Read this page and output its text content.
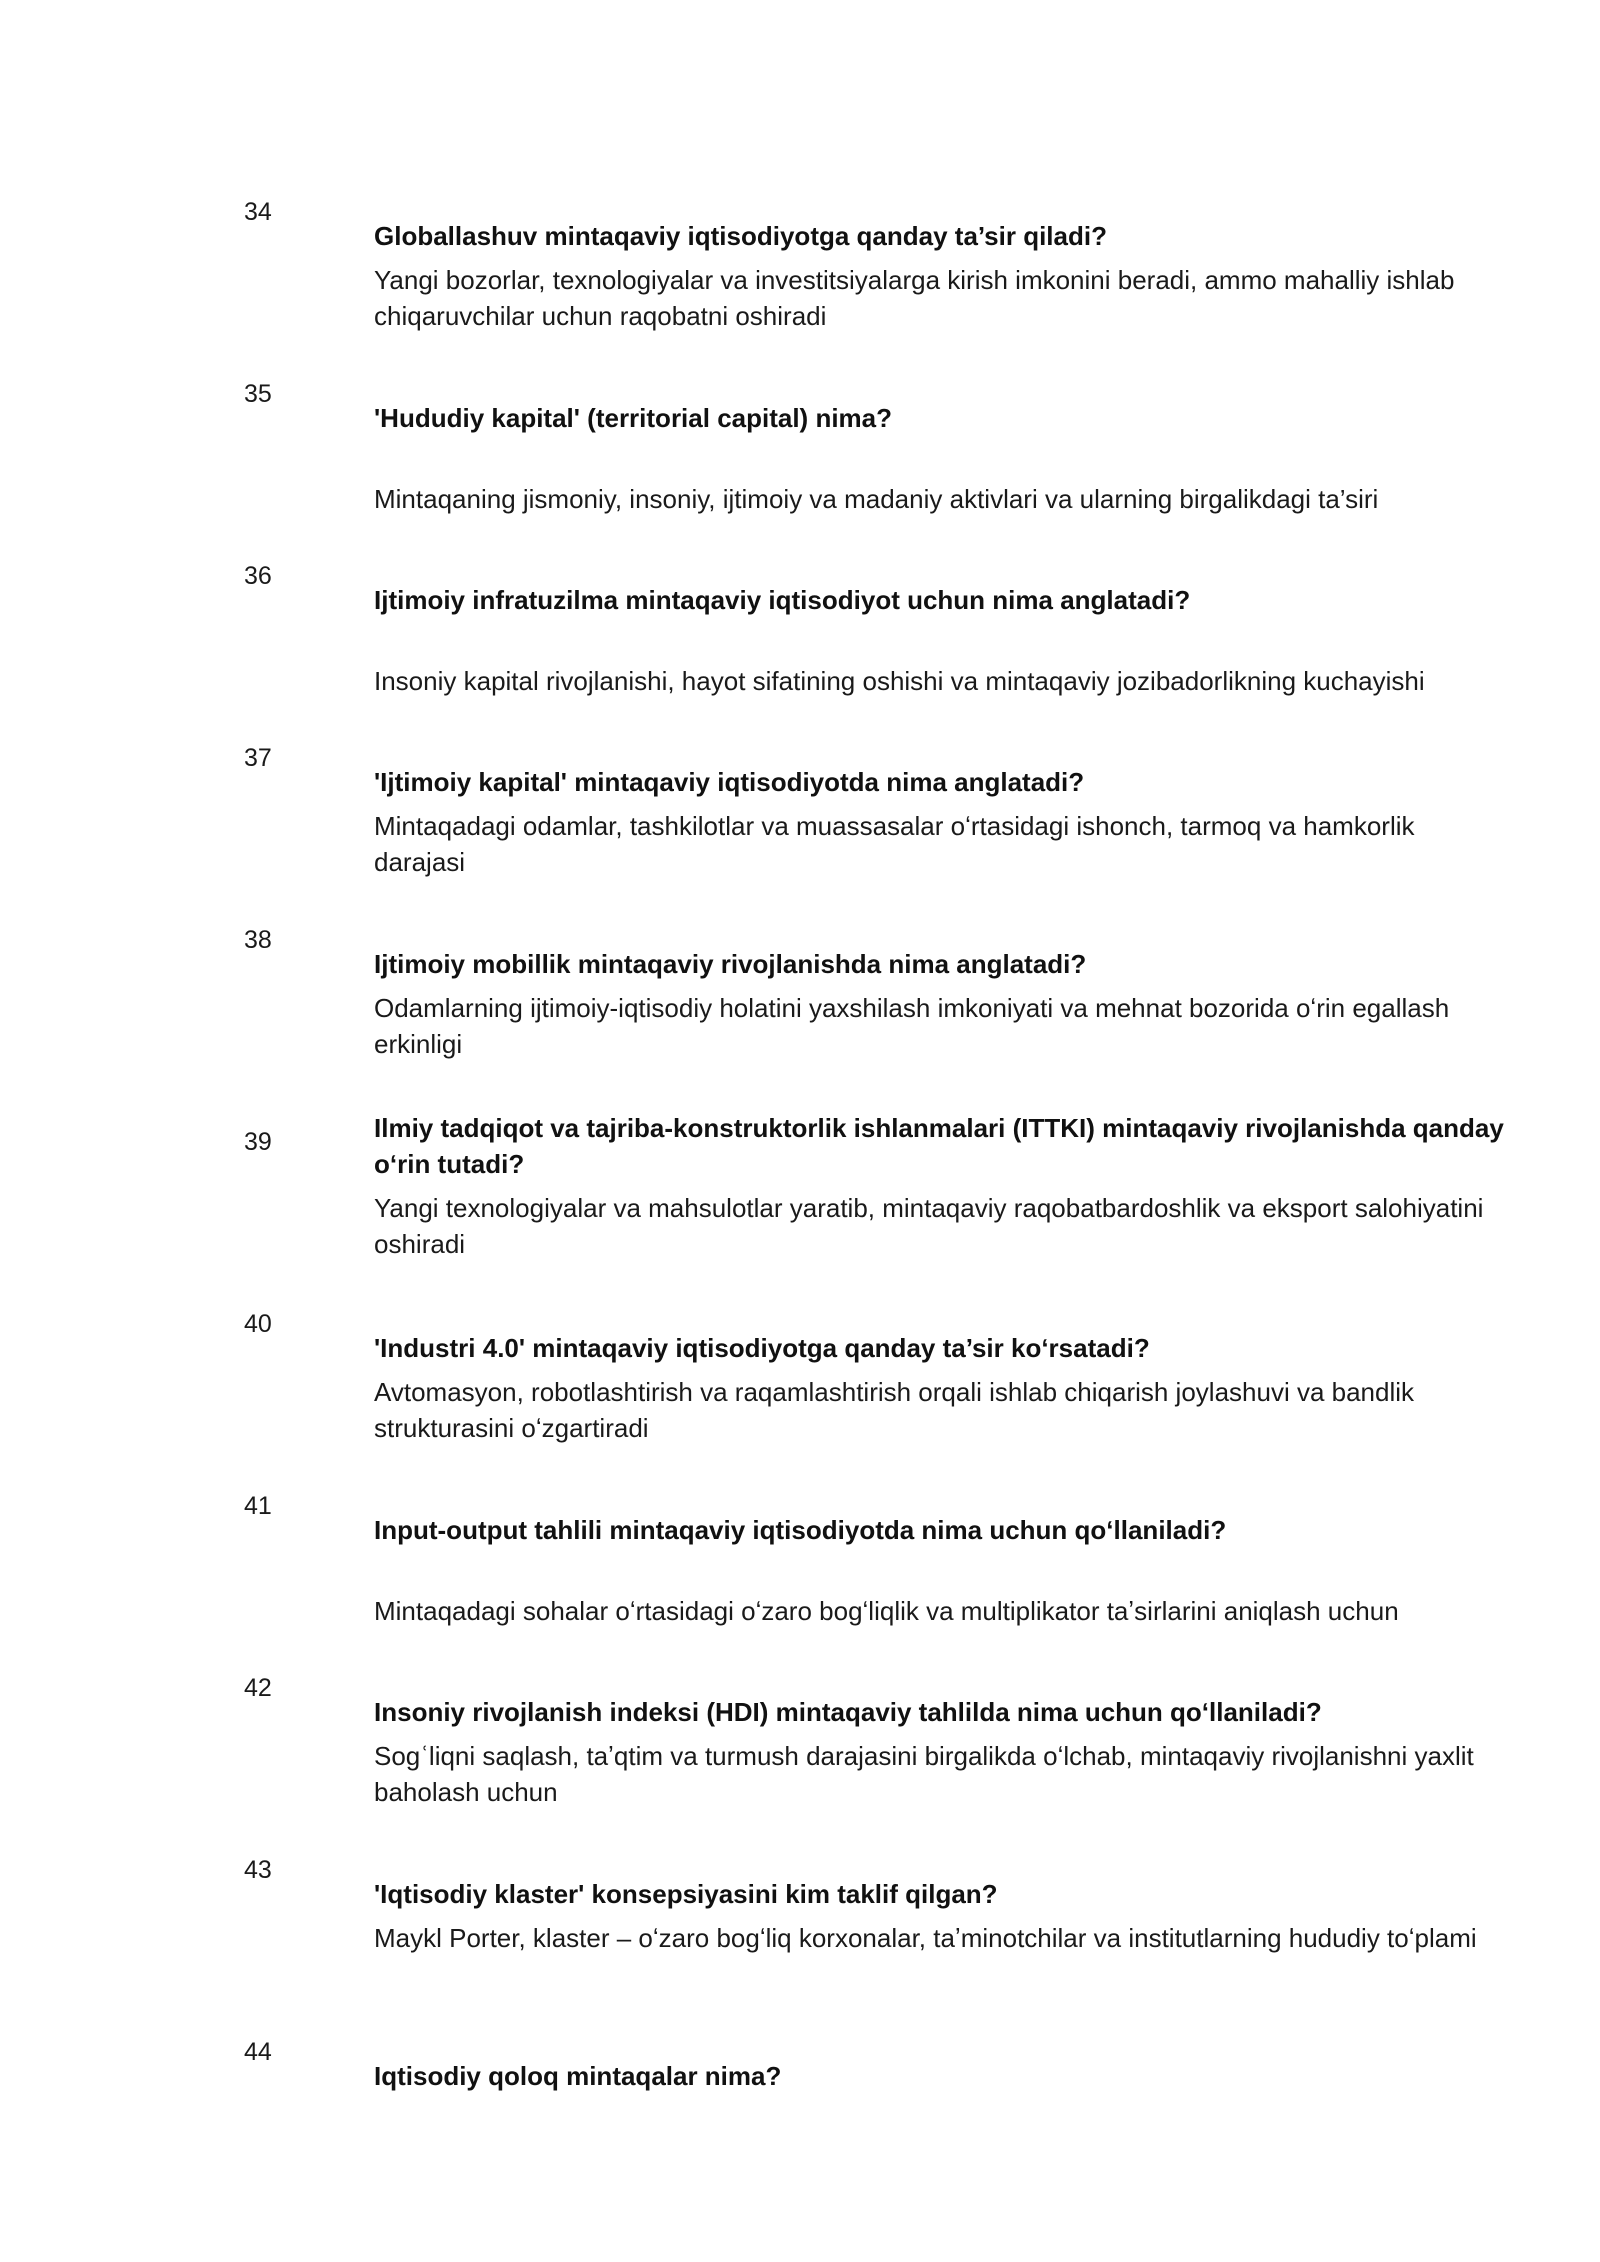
34

Globallashuv mintaqaviy iqtisodiyotga qanday ta’sir qiladi?

Yangi bozorlar, texnologiyalar va investitsiyalarga kirish imkonini beradi, ammo mahalliy ishlab chiqaruvchilar uchun raqobatni oshiradi

35

'Hududiy kapital' (territorial capital) nima?

Mintaqaning jismoniy, insoniy, ijtimoiy va madaniy aktivlari va ularning birgalikdagi ta’siri

36

Ijtimoiy infratuzilma mintaqaviy iqtisodiyot uchun nima anglatadi?

Insoniy kapital rivojlanishi, hayot sifatining oshishi va mintaqaviy jozibadorlikning kuchayishi

37

'Ijtimoiy kapital' mintaqaviy iqtisodiyotda nima anglatadi?

Mintaqadagi odamlar, tashkilotlar va muassasalar oʻrtasidagi ishonch, tarmoq va hamkorlik darajasi

38

Ijtimoiy mobillik mintaqaviy rivojlanishda nima anglatadi?

Odamlarning ijtimoiy-iqtisodiy holatini yaxshilash imkoniyati va mehnat bozorida oʻrin egallash erkinligi

39	Ilmiy tadqiqot va tajriba-konstruktorlik ishlanmalari (ITTKI) mintaqaviy rivojlanishda qanday oʻrin tutadi?

Yangi texnologiyalar va mahsulotlar yaratib, mintaqaviy raqobatbardoshlik va eksport salohiyatini oshiradi

40

'Industri 4.0' mintaqaviy iqtisodiyotga qanday ta’sir koʻrsatadi?

Avtomasyon, robotlashtirish va raqamlashtirish orqali ishlab chiqarish joylashuvi va bandlik strukturasini oʻzgartiradi

41

Input-output tahlili mintaqaviy iqtisodiyotda nima uchun qoʻllaniladi?

Mintaqadagi sohalar oʻrtasidagi oʻzaro bogʻliqlik va multiplikator taʼsirlarini aniqlash uchun

42

Insoniy rivojlanish indeksi (HDI) mintaqaviy tahlilda nima uchun qoʻllaniladi?

Sogʿliqni saqlash, taʼqtim va turmush darajasini birgalikda oʻlchab, mintaqaviy rivojlanishni yaxlit baholash uchun

43

'Iqtisodiy klaster' konsepsiyasini kim taklif qilgan?

Maykl Porter, klaster – oʻzaro bogʻliq korxonalar, taʼminotchilar va institutlarning hududiy toʻplami

44

Iqtisodiy qoloq mintaqalar nima?
